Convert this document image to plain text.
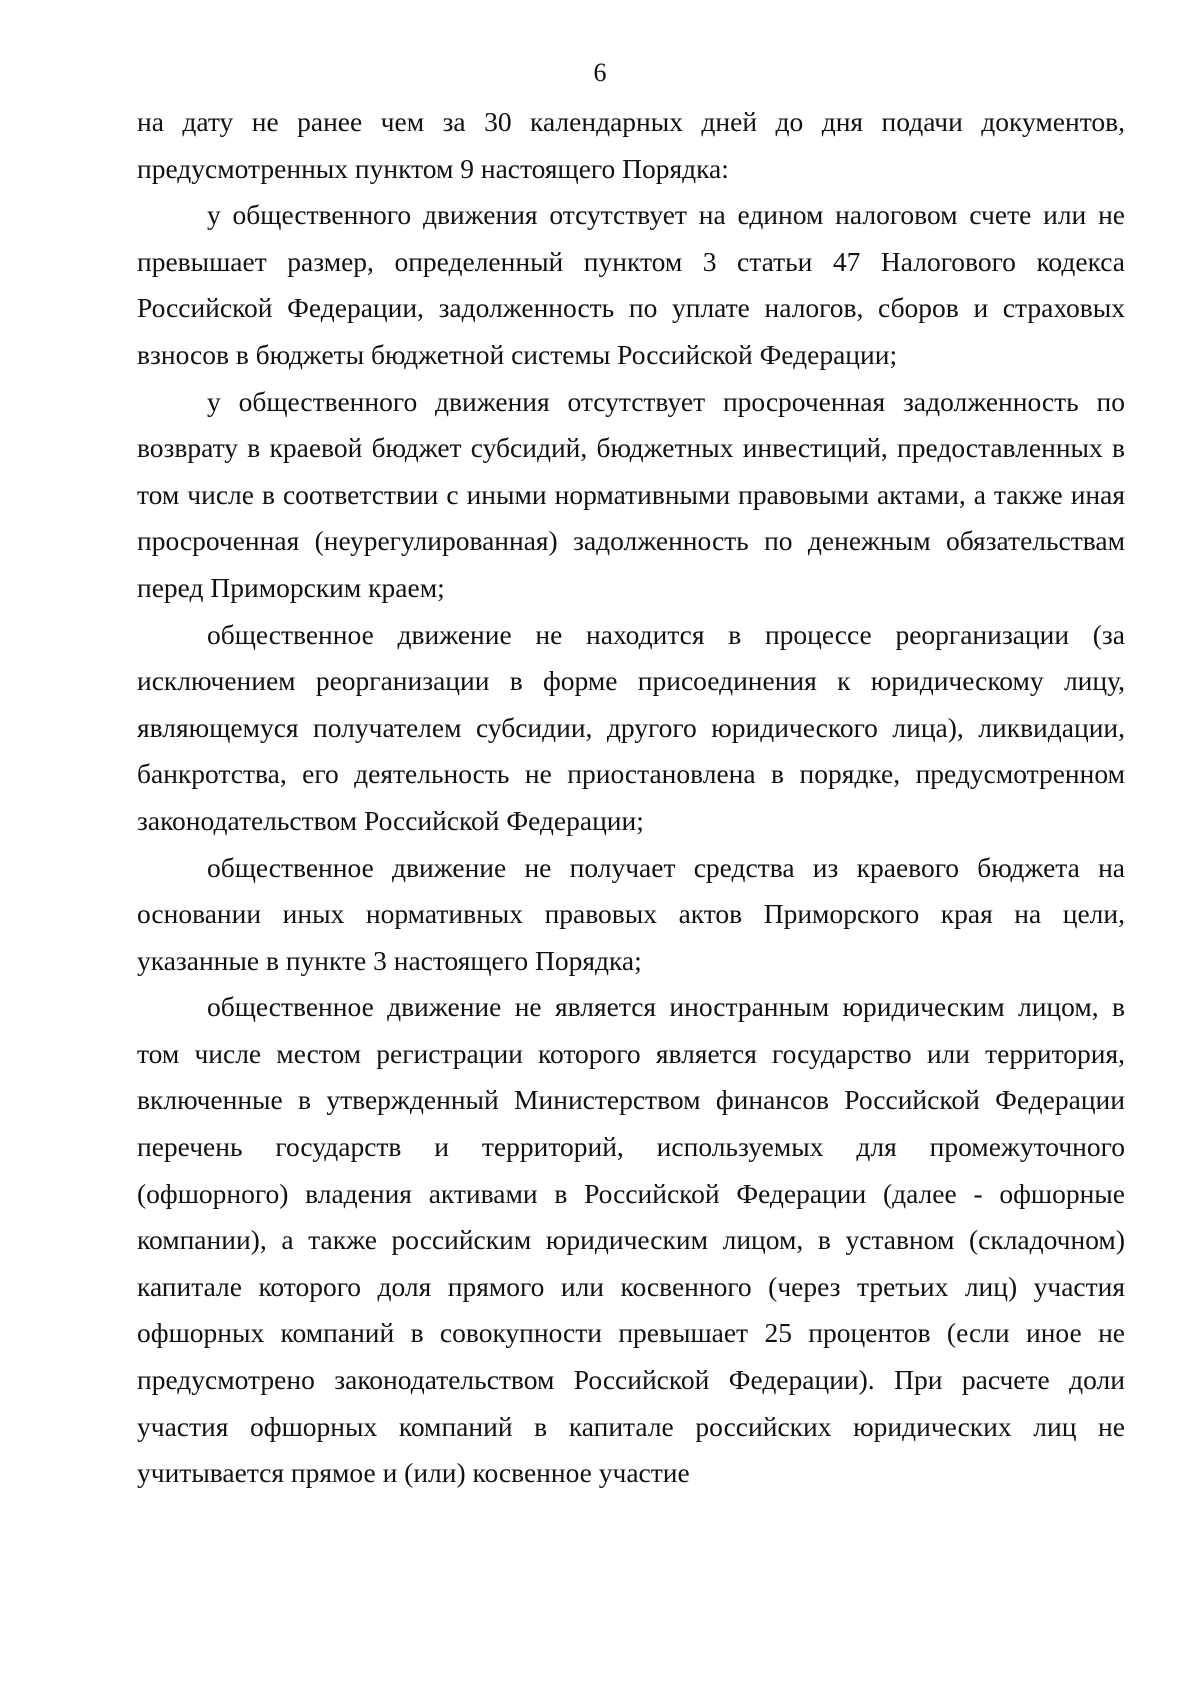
6

на дату не ранее чем за 30 календарных дней до дня подачи документов, предусмотренных пунктом 9 настоящего Порядка:

у общественного движения отсутствует на едином налоговом счете или не превышает размер, определенный пунктом 3 статьи 47 Налогового кодекса Российской Федерации, задолженность по уплате налогов, сборов и страховых взносов в бюджеты бюджетной системы Российской Федерации;

у общественного движения отсутствует просроченная задолженность по возврату в краевой бюджет субсидий, бюджетных инвестиций, предоставленных в том числе в соответствии с иными нормативными правовыми актами, а также иная просроченная (неурегулированная) задолженность по денежным обязательствам перед Приморским краем;

общественное движение не находится в процессе реорганизации (за исключением реорганизации в форме присоединения к юридическому лицу, являющемуся получателем субсидии, другого юридического лица), ликвидации, банкротства, его деятельность не приостановлена в порядке, предусмотренном законодательством Российской Федерации;

общественное движение не получает средства из краевого бюджета на основании иных нормативных правовых актов Приморского края на цели, указанные в пункте 3 настоящего Порядка;

общественное движение не является иностранным юридическим лицом, в том числе местом регистрации которого является государство или территория, включенные в утвержденный Министерством финансов Российской Федерации перечень государств и территорий, используемых для промежуточного (офшорного) владения активами в Российской Федерации (далее - офшорные компании), а также российским юридическим лицом, в уставном (складочном) капитале которого доля прямого или косвенного (через третьих лиц) участия офшорных компаний в совокупности превышает 25 процентов (если иное не предусмотрено законодательством Российской Федерации). При расчете доли участия офшорных компаний в капитале российских юридических лиц не учитывается прямое и (или) косвенное участие
